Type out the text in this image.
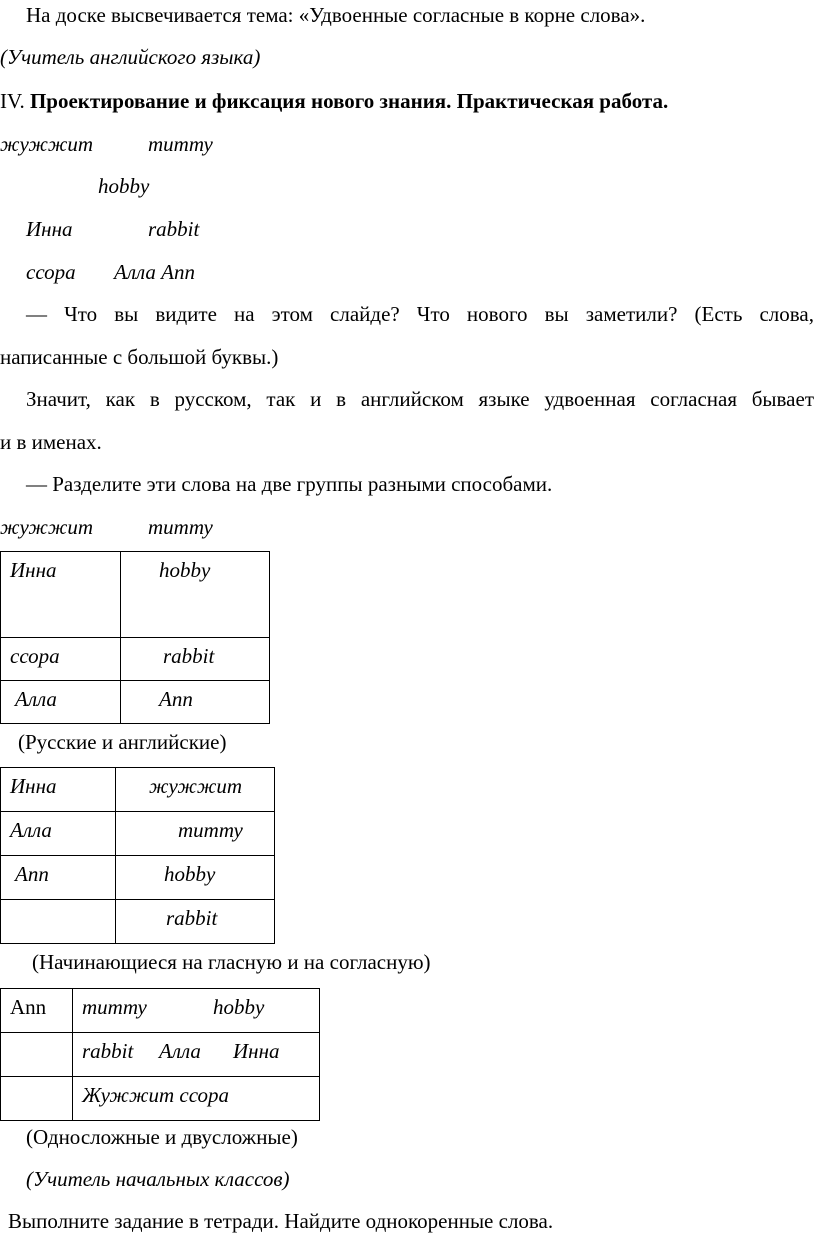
На доске высвечивается тема: «Удвоенные согласные в корне слова».
(Учитель английского языка)
IV. Проектирование и фиксация нового знания. Практическая работа.
жужжит	титту
hobby
Инна	rabbit
ссора Алла Ann
— Что вы видите на этом слайде? Что нового вы заметили? (Есть слова,
написанные с большой буквы.)
Значит, как в русском, так и в английском языке удвоенная согласная бывает
и в именах.
— Разделите эти слова на две группы разными способами.
жужжит	титту
Инна	hobby

ссора	rabbit

Алла	Ann
(Русские и английские)
Инна	жужжит

Алла	титту

Ann	hobby

	rabbit
(Начинающиеся на гласную и на согласную)
Ann	титту hobby

	rabbit Алла Инна

	Жужжит ссора
(Односложные и двусложные)
(Учитель начальных классов)
Выполните задание в тетради. Найдите однокоренные слова.
